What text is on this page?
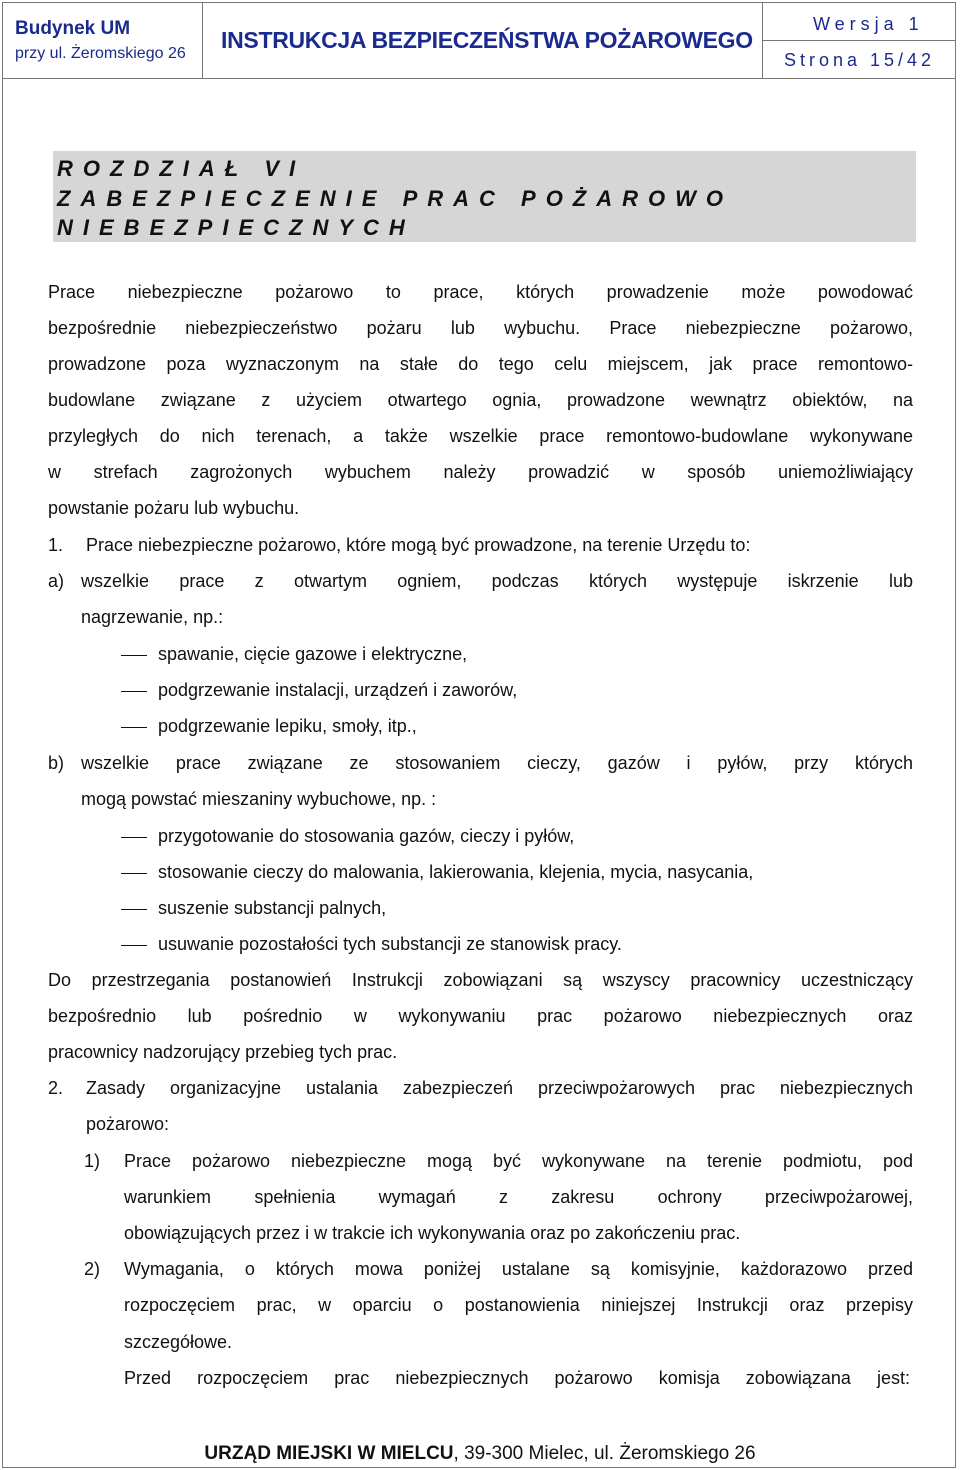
Budynek UM
przy ul. Żeromskiego 26
INSTRUKCJA BEZPIECZEŃSTWA POŻAROWEGO
Wersja 1
Strona 15/42
ROZDZIAŁ VI
ZABEZPIECZENIE PRAC POŻAROWO
NIEBEZPIECZNYCH
Prace niebezpieczne pożarowo to prace, których prowadzenie może powodować
bezpośrednie niebezpieczeństwo pożaru lub wybuchu. Prace niebezpieczne pożarowo,
prowadzone poza wyznaczonym na stałe do tego celu miejscem, jak prace remontowo-
budowlane związane z użyciem otwartego ognia, prowadzone wewnątrz obiektów, na
przyległych do nich terenach, a także wszelkie prace remontowo-budowlane wykonywane
w strefach zagrożonych wybuchem należy prowadzić w sposób uniemożliwiający
powstanie pożaru lub wybuchu.
1. Prace niebezpieczne pożarowo, które mogą być prowadzone, na terenie Urzędu to:
a) wszelkie prace z otwartym ogniem, podczas których występuje iskrzenie lub
nagrzewanie, np.:
spawanie, cięcie gazowe i elektryczne,
podgrzewanie instalacji, urządzeń i zaworów,
podgrzewanie lepiku, smoły, itp.,
b) wszelkie prace związane ze stosowaniem cieczy, gazów i pyłów, przy których
mogą powstać mieszaniny wybuchowe, np. :
przygotowanie do stosowania gazów, cieczy i pyłów,
stosowanie cieczy do malowania, lakierowania, klejenia, mycia, nasycania,
suszenie substancji palnych,
usuwanie pozostałości tych substancji ze stanowisk pracy.
Do przestrzegania postanowień Instrukcji zobowiązani są wszyscy pracownicy uczestniczący
bezpośrednio lub pośrednio w wykonywaniu prac pożarowo niebezpiecznych oraz
pracownicy nadzorujący przebieg tych prac.
2. Zasady organizacyjne ustalania zabezpieczeń przeciwpożarowych prac niebezpiecznych
pożarowo:
1) Prace pożarowo niebezpieczne mogą być wykonywane na terenie podmiotu, pod
warunkiem spełnienia wymagań z zakresu ochrony przeciwpożarowej,
obowiązujących przez i w trakcie ich wykonywania oraz po zakończeniu prac.
2) Wymagania, o których mowa poniżej ustalane są komisyjnie, każdorazowo przed
rozpoczęciem prac, w oparciu o postanowienia niniejszej Instrukcji oraz przepisy
szczegółowe.
Przed rozpoczęciem prac niebezpiecznych pożarowo komisja zobowiązana jest:
URZĄD MIEJSKI W MIELCU, 39-300 Mielec, ul. Żeromskiego 26
